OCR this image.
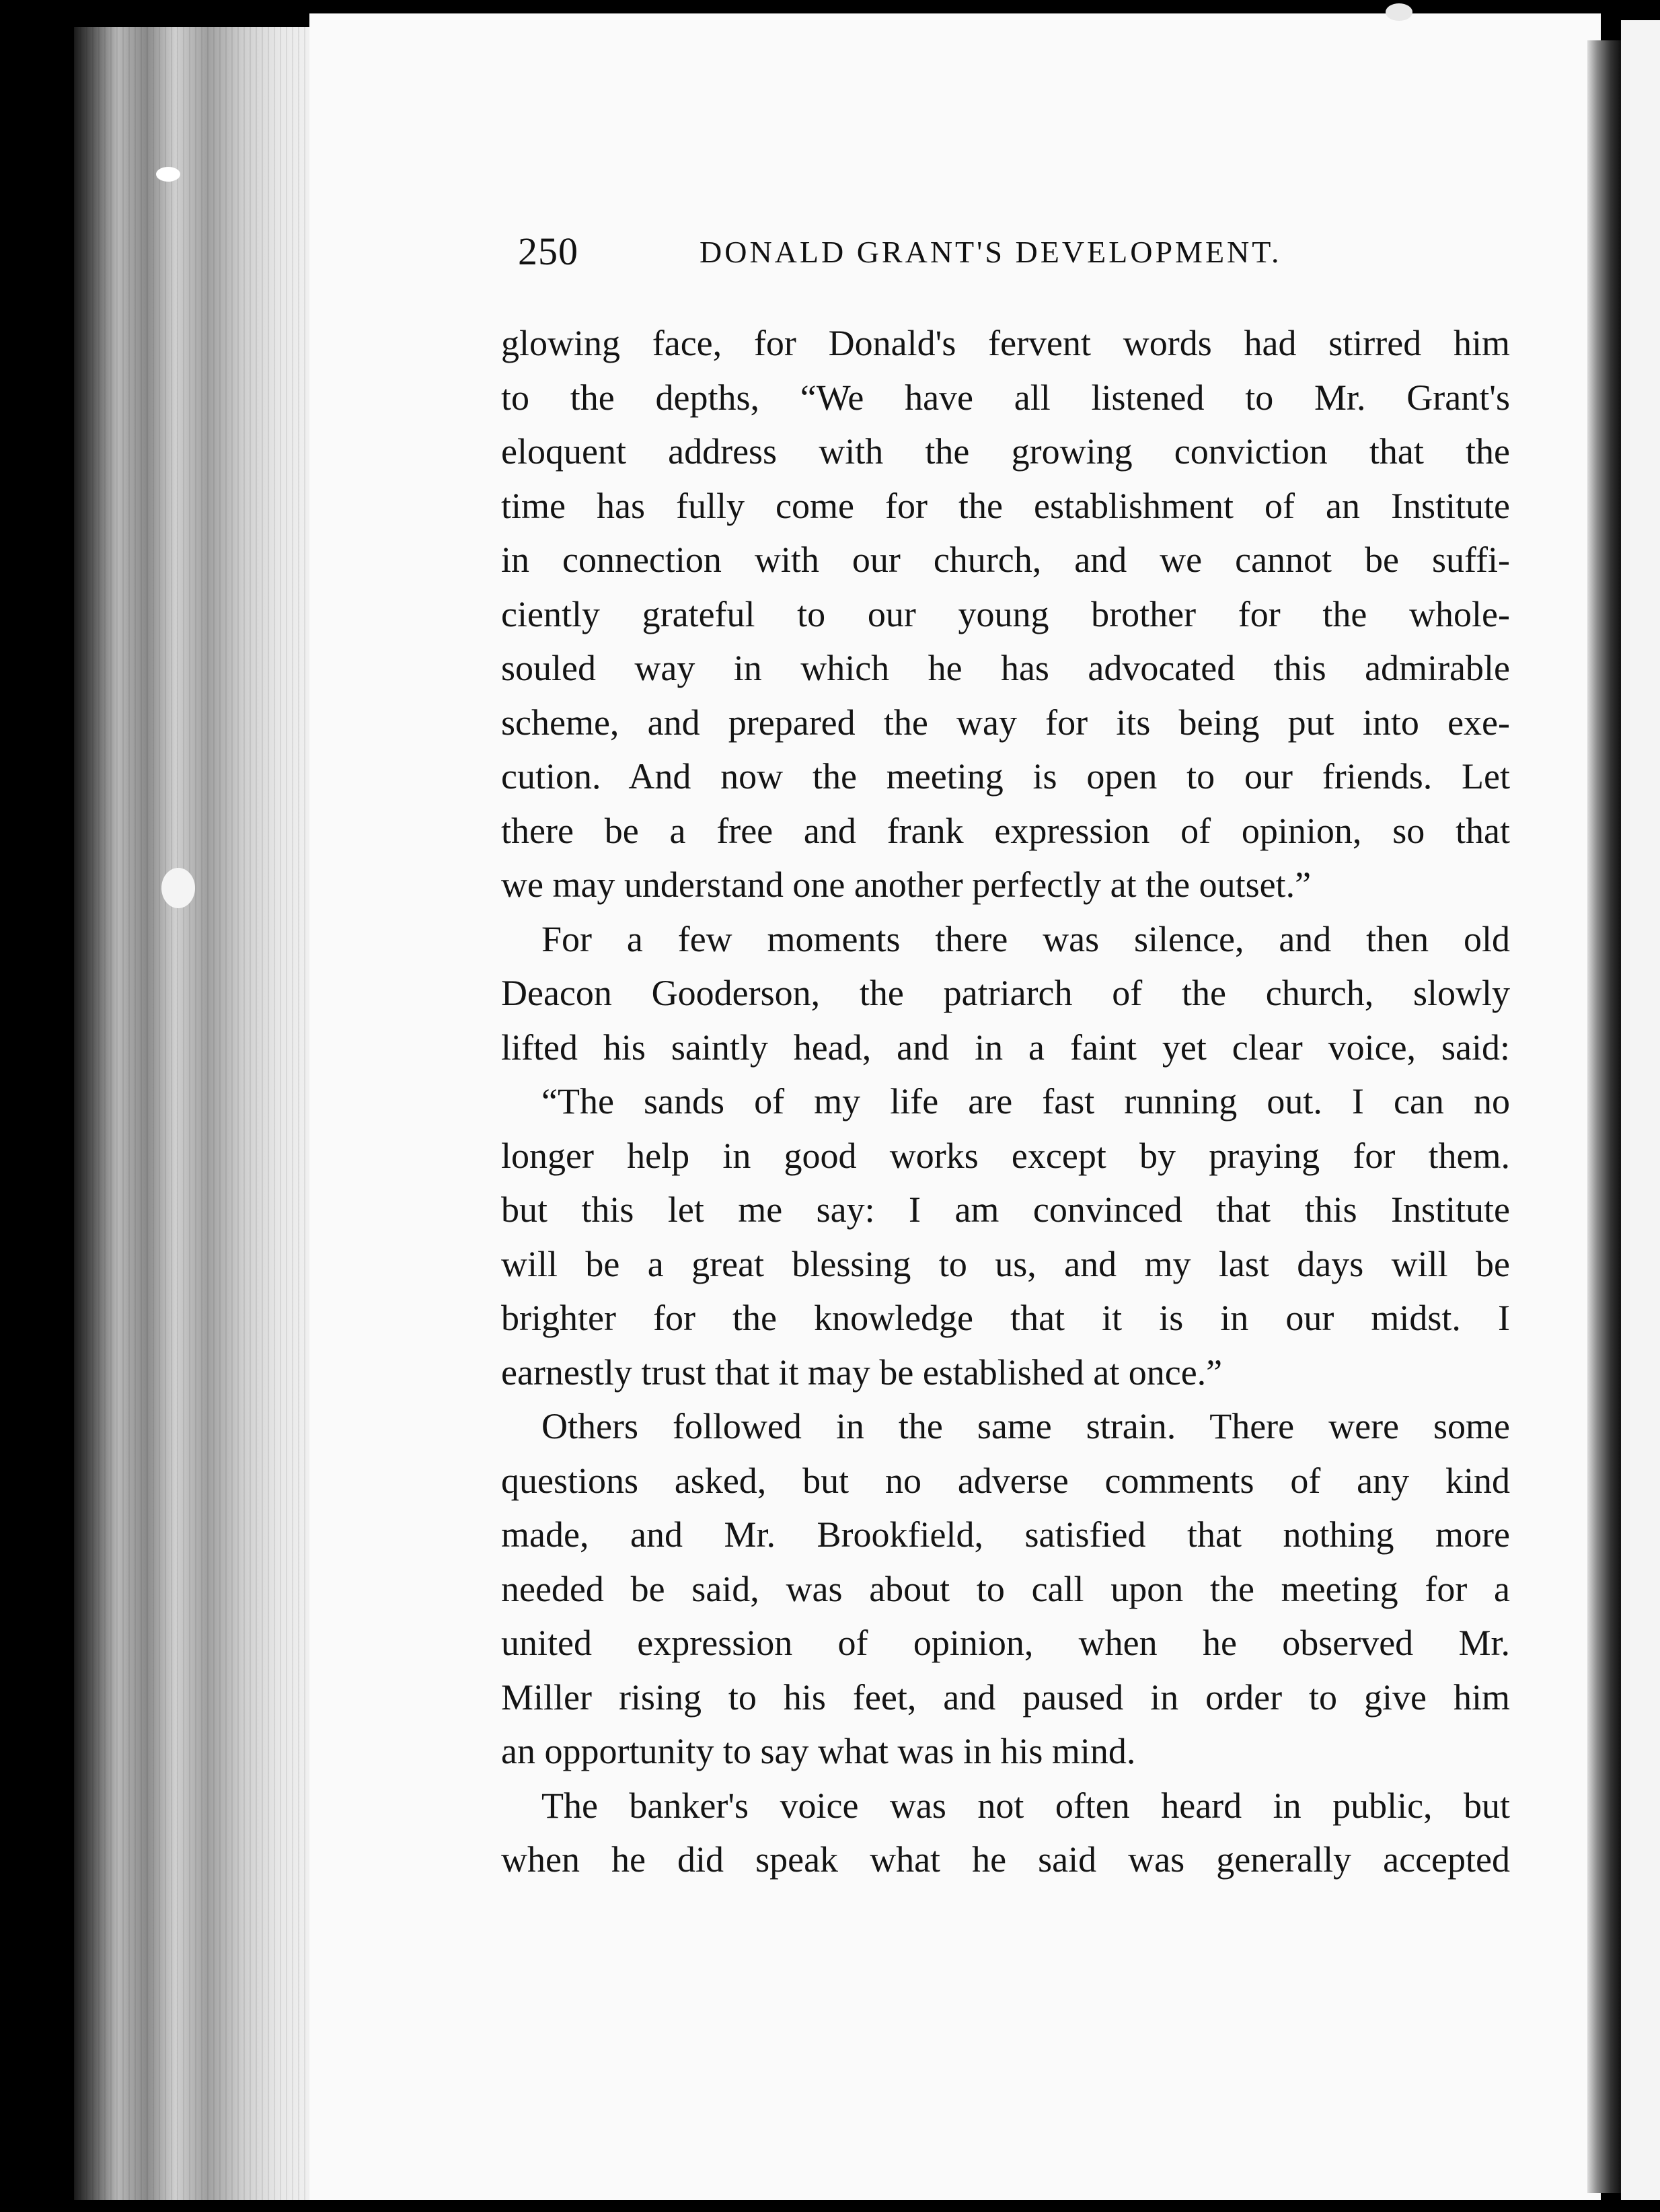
250	DONALD GRANT'S DEVELOPMENT.
glowing face, for Donald's fervent words had stirred him
to the depths, “We have all listened to Mr. Grant's
eloquent address with the growing conviction that the
time has fully come for the establishment of an Institute
in connection with our church, and we cannot be suffi-
ciently grateful to our young brother for the whole-
souled way in which he has advocated this admirable
scheme, and prepared the way for its being put into exe-
cution. And now the meeting is open to our friends. Let
there be a free and frank expression of opinion, so that
we may understand one another perfectly at the outset.”
For a few moments there was silence, and then old
Deacon Gooderson, the patriarch of the church, slowly
lifted his saintly head, and in a faint yet clear voice, said:
“The sands of my life are fast running out. I can no
longer help in good works except by praying for them.
but this let me say: I am convinced that this Institute
will be a great blessing to us, and my last days will be
brighter for the knowledge that it is in our midst. I
earnestly trust that it may be established at once.”
Others followed in the same strain. There were some
questions asked, but no adverse comments of any kind
made, and Mr. Brookfield, satisfied that nothing more
needed be said, was about to call upon the meeting for a
united expression of opinion, when he observed Mr.
Miller rising to his feet, and paused in order to give him
an opportunity to say what was in his mind.
The banker's voice was not often heard in public, but
when he did speak what he said was generally accepted
